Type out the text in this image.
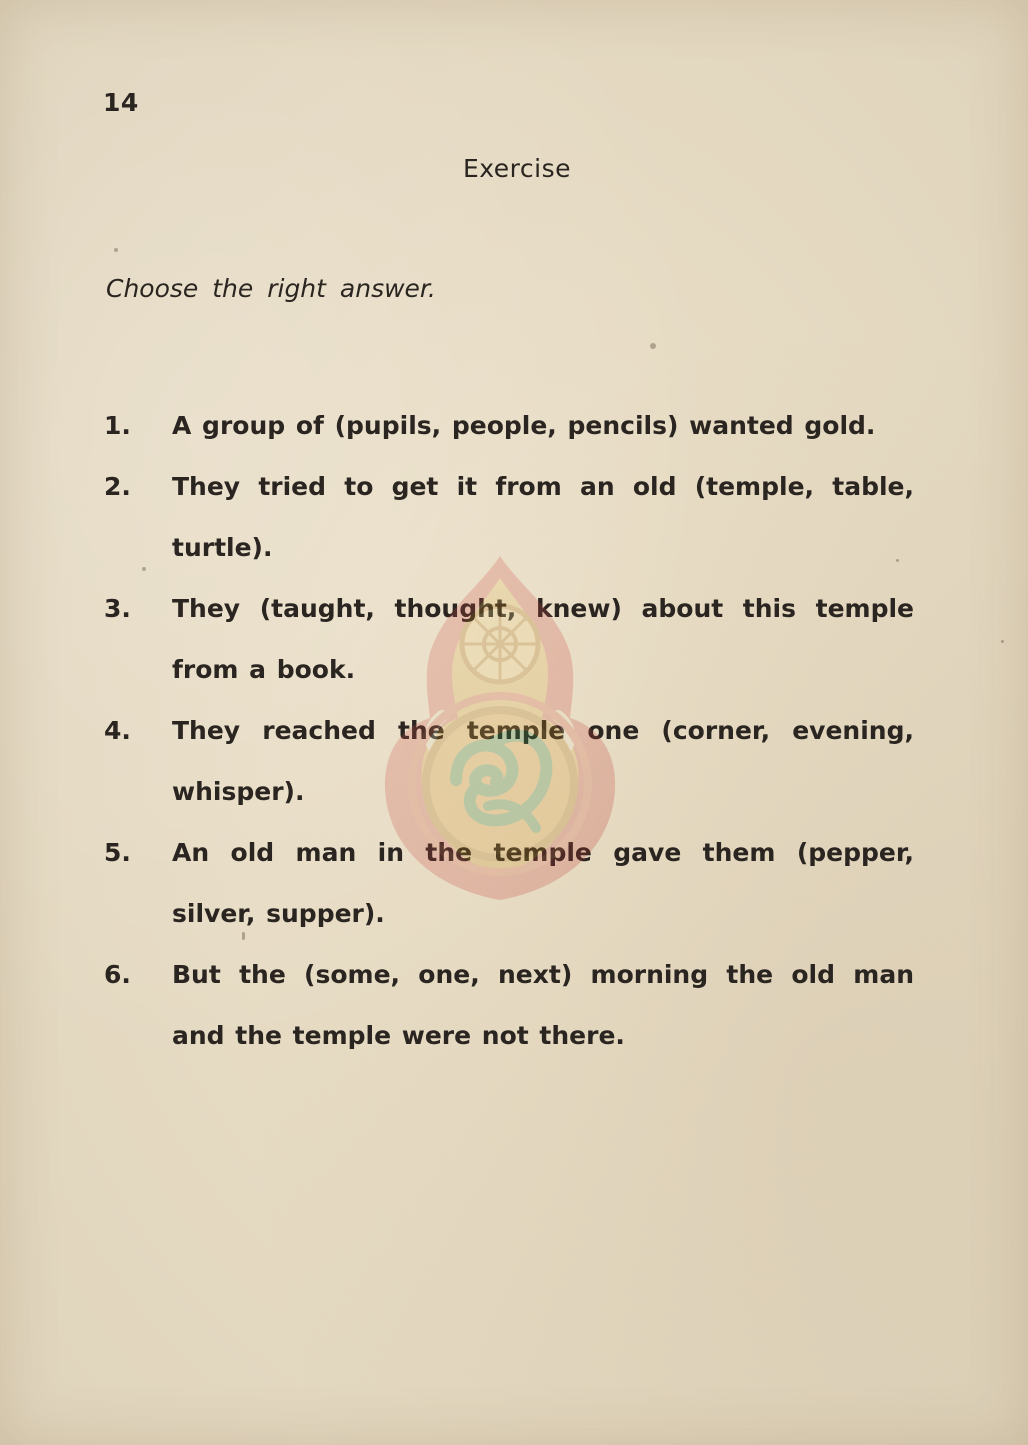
14
Exercise
Choose the right answer.
1.	A group of (pupils, people, pencils) wanted gold.
2.	They tried to get it from an old (temple, table, turtle).
3.	They (taught, thought, knew) about this temple from a book.
4.	They reached the temple one (corner, evening, whisper).
5.	An old man in the temple gave them (pepper, silver, supper).
6.	But the (some, one, next) morning the old man and the temple were not there.
